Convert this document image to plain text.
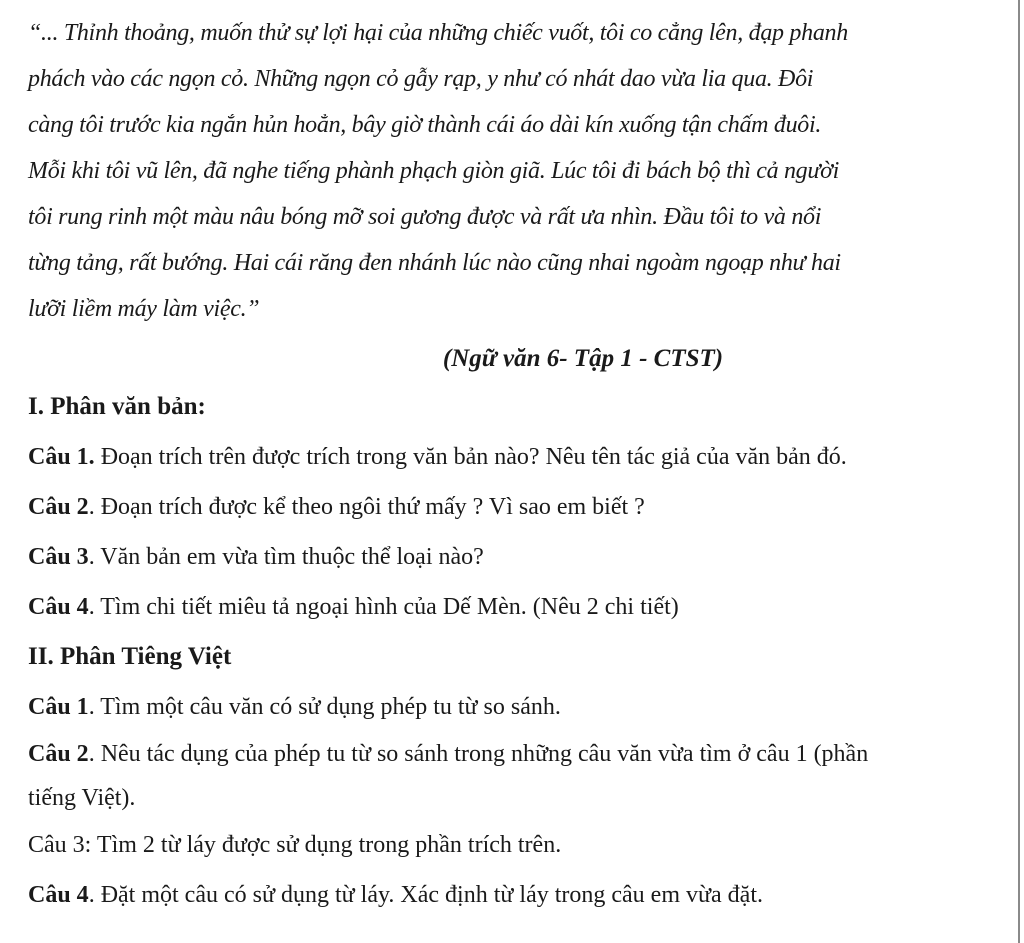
“... Thỉnh thoảng, muốn thử sự lợi hại của những chiếc vuốt, tôi co cẳng lên, đạp phanh

phách vào các ngọn cỏ. Những ngọn cỏ gẫy rạp, y như có nhát dao vừa lia qua. Đôi

càng tôi trước kia ngắn hủn hoẳn, bây giờ thành cái áo dài kín xuống tận chấm đuôi.

Mỗi khi tôi vũ lên, đã nghe tiếng phành phạch giòn giã. Lúc tôi đi bách bộ thì cả người

tôi rung rinh một màu nâu bóng mỡ soi gương được và rất ưa nhìn. Đầu tôi to và nổi

từng tảng, rất bướng. Hai cái răng đen nhánh lúc nào cũng nhai ngoàm ngoạp như hai

lưỡi liềm máy làm việc.”

(Ngữ văn 6- Tập 1 - CTST)

I. Phân văn bản:

Câu 1. Đoạn trích trên được trích trong văn bản nào? Nêu tên tác giả của văn bản đó.

Câu 2. Đoạn trích được kể theo ngôi thứ mấy ? Vì sao em biết ?

Câu 3. Văn bản em vừa tìm thuộc thể loại nào?

Câu 4. Tìm chi tiết miêu tả ngoại hình của Dế Mèn. (Nêu 2 chi tiết)

II. Phân Tiêng Việt

Câu 1. Tìm một câu văn có sử dụng phép tu từ so sánh.

Câu 2. Nêu tác dụng của phép tu từ so sánh trong những câu văn vừa tìm ở câu 1 (phần
tiếng Việt).

Câu 3: Tìm 2 từ láy được sử dụng trong phần trích trên.

Câu 4. Đặt một câu có sử dụng từ láy. Xác định từ láy trong câu em vừa đặt.
